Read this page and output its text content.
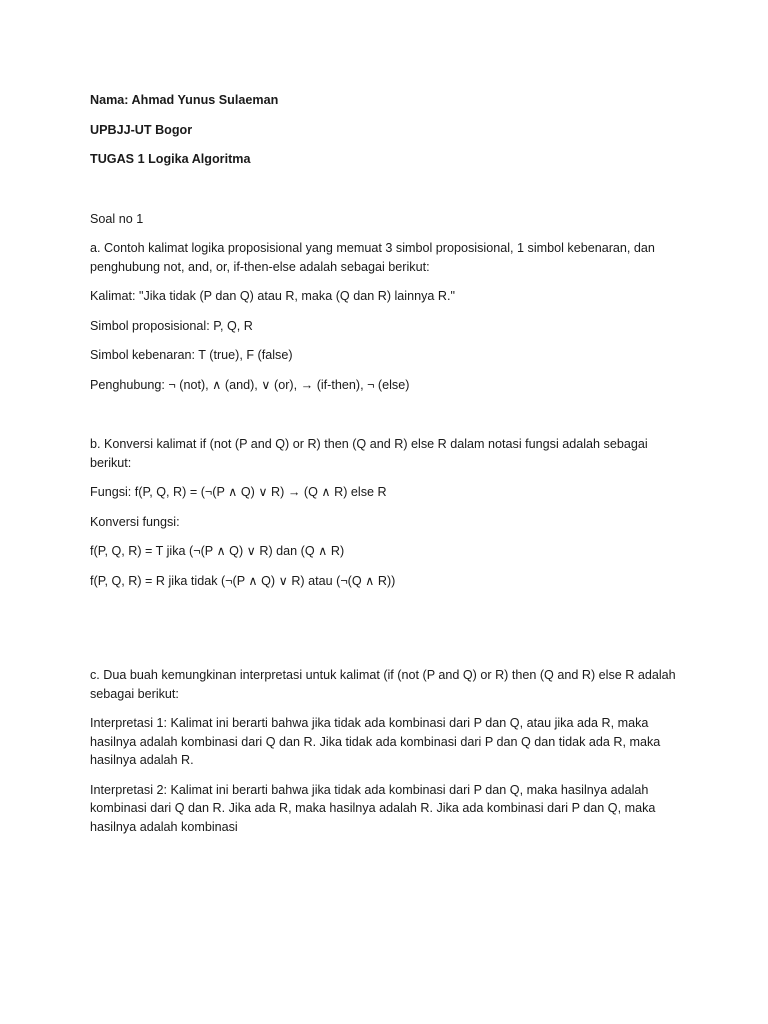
Nama: Ahmad Yunus Sulaeman

UPBJJ-UT Bogor

TUGAS 1 Logika Algoritma

Soal no 1

a. Contoh kalimat logika proposisional yang memuat 3 simbol proposisional, 1 simbol kebenaran, dan

penghubung not, and, or, if-then-else adalah sebagai berikut:

Kalimat: "Jika tidak (P dan Q) atau R, maka (Q dan R) lainnya R."

Simbol proposisional: P, Q, R

Simbol kebenaran: T (true), F (false)

Penghubung: ¬ (not), ∧ (and), ∨ (or), → (if-then), ¬ (else)

b. Konversi kalimat if (not (P and Q) or R) then (Q and R) else R dalam notasi fungsi adalah sebagai

berikut:

Fungsi: f(P, Q, R) = (¬(P ∧ Q) ∨ R) → (Q ∧ R) else R

Konversi fungsi:

f(P, Q, R) = T jika (¬(P ∧ Q) ∨ R) dan (Q ∧ R)

f(P, Q, R) = R jika tidak (¬(P ∧ Q) ∨ R) atau (¬(Q ∧ R))

c. Dua buah kemungkinan interpretasi untuk kalimat (if (not (P and Q) or R) then (Q and R) else R adalah

sebagai berikut:

Interpretasi 1: Kalimat ini berarti bahwa jika tidak ada kombinasi dari P dan Q, atau jika ada R, maka

hasilnya adalah kombinasi dari Q dan R. Jika tidak ada kombinasi dari P dan Q dan tidak ada R, maka

hasilnya adalah R.

Interpretasi 2: Kalimat ini berarti bahwa jika tidak ada kombinasi dari P dan Q, maka hasilnya adalah

kombinasi dari Q dan R. Jika ada R, maka hasilnya adalah R. Jika ada kombinasi dari P dan Q, maka

hasilnya adalah kombinasi
